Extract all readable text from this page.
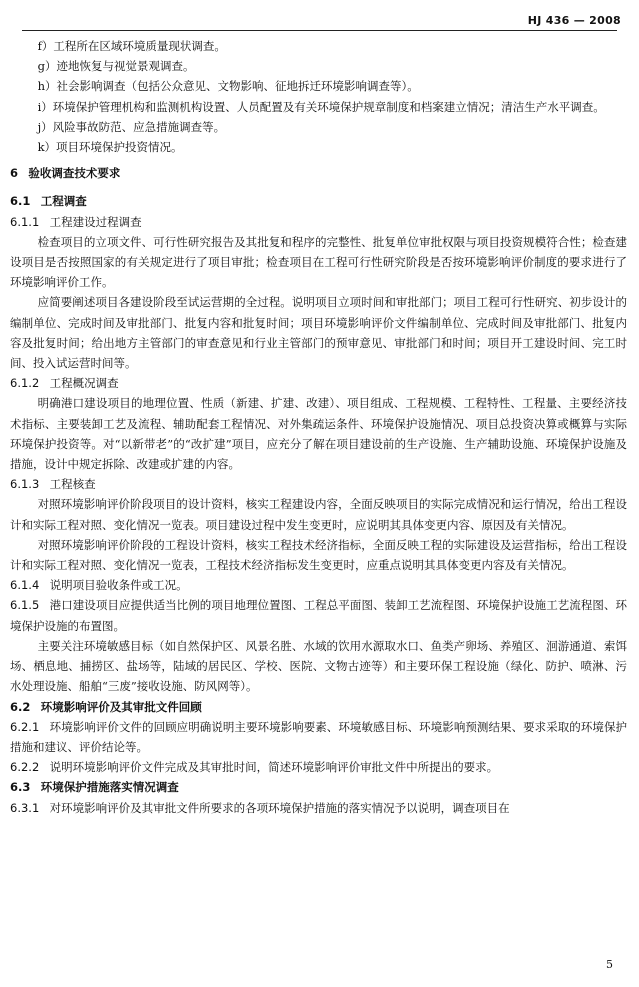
HJ 436 — 2008

f）工程所在区域环境质量现状调查。

g）迹地恢复与视觉景观调查。

h）社会影响调查（包括公众意见、文物影响、征地拆迁环境影响调查等）。

i）环境保护管理机构和监测机构设置、人员配置及有关环境保护规章制度和档案建立情况；清洁生产水平调查。

j）风险事故防范、应急措施调查等。

k）项目环境保护投资情况。

6 验收调查技术要求

6.1 工程调查

6.1.1 工程建设过程调查

检查项目的立项文件、可行性研究报告及其批复和程序的完整性、批复单位审批权限与项目投资规模符合性；检查建设项目是否按照国家的有关规定进行了项目审批；检查项目在工程可行性研究阶段是否按环境影响评价制度的要求进行了环境影响评价工作。

应简要阐述项目各建设阶段至试运营期的全过程。说明项目立项时间和审批部门；项目工程可行性研究、初步设计的编制单位、完成时间及审批部门、批复内容和批复时间；项目环境影响评价文件编制单位、完成时间及审批部门、批复内容及批复时间；给出地方主管部门的审查意见和行业主管部门的预审意见、审批部门和时间；项目开工建设时间、完工时间、投入试运营时间等。

6.1.2 工程概况调查

明确港口建设项目的地理位置、性质（新建、扩建、改建）、项目组成、工程规模、工程特性、工程量、主要经济技术指标、主要装卸工艺及流程、辅助配套工程情况、对外集疏运条件、环境保护设施情况、项目总投资决算或概算与实际环境保护投资等。对“以新带老”的“改扩建”项目，应充分了解在项目建设前的生产设施、生产辅助设施、环境保护设施及措施，设计中规定拆除、改建或扩建的内容。

6.1.3 工程核查

对照环境影响评价阶段项目的设计资料，核实工程建设内容，全面反映项目的实际完成情况和运行情况，给出工程设计和实际工程对照、变化情况一览表。项目建设过程中发生变更时，应说明其具体变更内容、原因及有关情况。

对照环境影响评价阶段的工程设计资料，核实工程技术经济指标，全面反映工程的实际建设及运营指标，给出工程设计和实际工程对照、变化情况一览表，工程技术经济指标发生变更时，应重点说明其具体变更内容及有关情况。

6.1.4 说明项目验收条件或工况。

6.1.5 港口建设项目应提供适当比例的项目地理位置图、工程总平面图、装卸工艺流程图、环境保护设施工艺流程图、环境保护设施的布置图。

主要关注环境敏感目标（如自然保护区、风景名胜、水域的饮用水源取水口、鱼类产卵场、养殖区、洄游通道、索饵场、栖息地、捕捞区、盐场等，陆域的居民区、学校、医院、文物古迹等）和主要环保工程设施（绿化、防护、喷淋、污水处理设施、船舶“三废”接收设施、防风网等）。

6.2 环境影响评价及其审批文件回顾

6.2.1 环境影响评价文件的回顾应明确说明主要环境影响要素、环境敏感目标、环境影响预测结果、要求采取的环境保护措施和建议、评价结论等。

6.2.2 说明环境影响评价文件完成及其审批时间，简述环境影响评价审批文件中所提出的要求。

6.3 环境保护措施落实情况调查

6.3.1 对环境影响评价及其审批文件所要求的各项环境保护措施的落实情况予以说明，调查项目在

5
